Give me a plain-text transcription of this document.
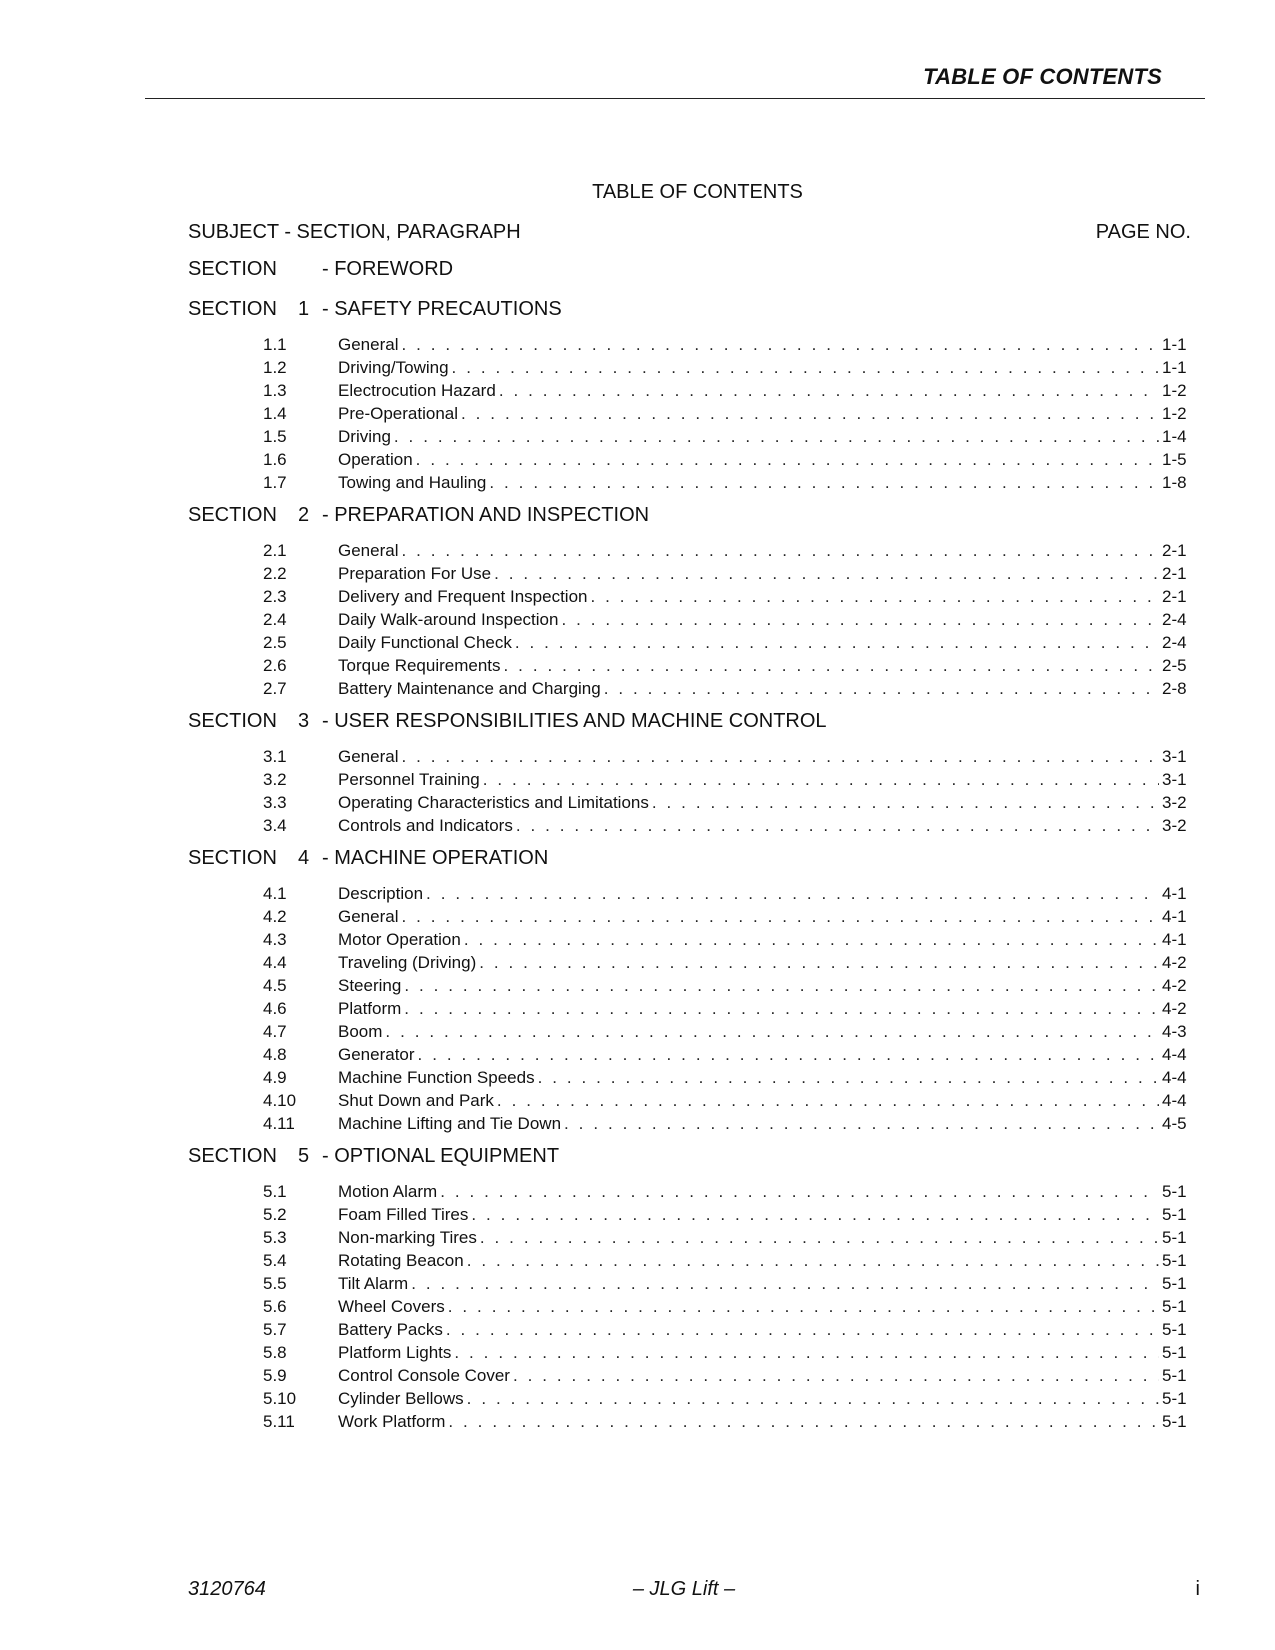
TABLE OF CONTENTS
TABLE OF CONTENTS
SUBJECT - SECTION, PARAGRAPH	PAGE NO.
SECTION - FOREWORD
SECTION 1 - SAFETY PRECAUTIONS
1.1	General . . .	1-1
1.2	Driving/Towing . . .	1-1
1.3	Electrocution Hazard . . .	1-2
1.4	Pre-Operational . . .	1-2
1.5	Driving . . .	1-4
1.6	Operation . . .	1-5
1.7	Towing and Hauling . . .	1-8
SECTION 2 - PREPARATION AND INSPECTION
2.1	General . . .	2-1
2.2	Preparation For Use . . .	2-1
2.3	Delivery and Frequent Inspection . . .	2-1
2.4	Daily Walk-around Inspection . . .	2-4
2.5	Daily Functional Check . . .	2-4
2.6	Torque Requirements . . .	2-5
2.7	Battery Maintenance and Charging . . .	2-8
SECTION 3 - USER RESPONSIBILITIES AND MACHINE CONTROL
3.1	General . . .	3-1
3.2	Personnel Training . . .	3-1
3.3	Operating Characteristics and Limitations . . .	3-2
3.4	Controls and Indicators . . .	3-2
SECTION 4 - MACHINE OPERATION
4.1	Description . . .	4-1
4.2	General . . .	4-1
4.3	Motor Operation . . .	4-1
4.4	Traveling (Driving) . . .	4-2
4.5	Steering . . .	4-2
4.6	Platform . . .	4-2
4.7	Boom . . .	4-3
4.8	Generator . . .	4-4
4.9	Machine Function Speeds . . .	4-4
4.10	Shut Down and Park . . .	4-4
4.11	Machine Lifting and Tie Down . . .	4-5
SECTION 5 - OPTIONAL EQUIPMENT
5.1	Motion Alarm . . .	5-1
5.2	Foam Filled Tires . . .	5-1
5.3	Non-marking Tires . . .	5-1
5.4	Rotating Beacon . . .	5-1
5.5	Tilt Alarm . . .	5-1
5.6	Wheel Covers . . .	5-1
5.7	Battery Packs . . .	5-1
5.8	Platform Lights . . .	5-1
5.9	Control Console Cover . . .	5-1
5.10	Cylinder Bellows . . .	5-1
5.11	Work Platform . . .	5-1
3120764	– JLG Lift –	i
